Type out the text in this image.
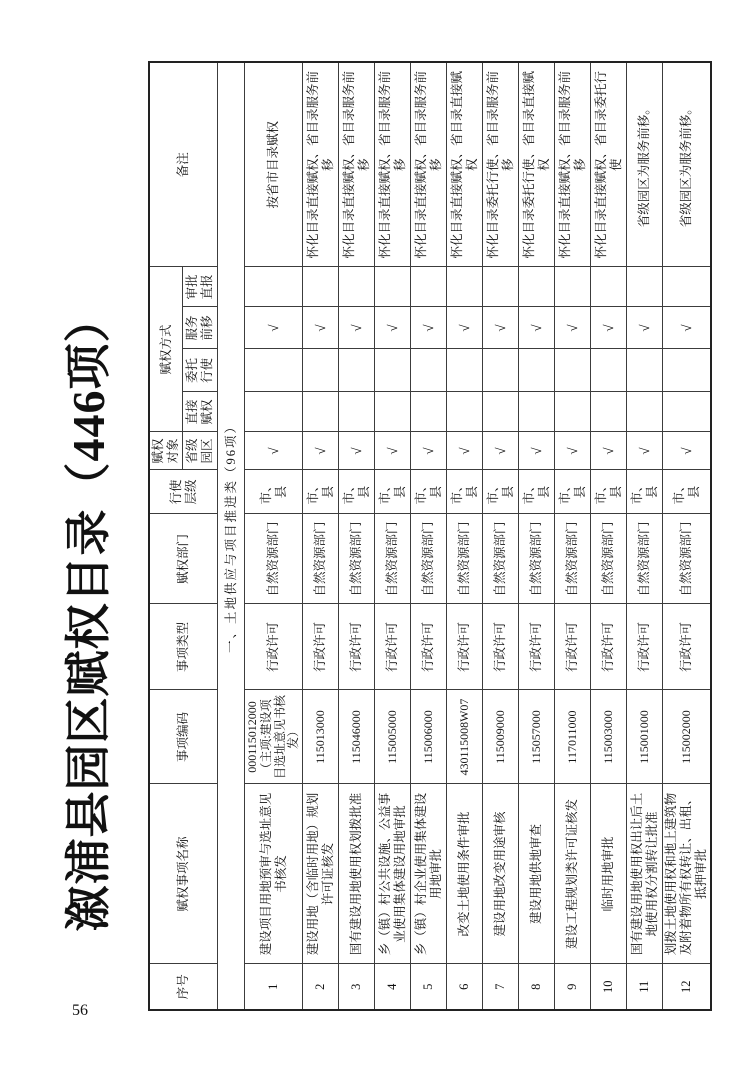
溆浦县园区赋权目录（446项）
序号	赋权事项名称	事项编码	事项类型	赋权部门	行使层级	赋权对象	赋权方式				备注
						省级园区	直接赋权	委托行使	服务前移	审批直报	
一、土地供应与项目推进类（96项）											
1	建设项目用地预审与选址意见书核发	000115012000（主项:建设项目选址意见书核发）	行政许可	自然资源部门	市、县	√			√		按省市目录赋权
2	建设用地（含临时用地）规划许可证核发	115013000	行政许可	自然资源部门	市、县	√			√		怀化目录直接赋权、省目录服务前移
3	国有建设用地使用权划拨批准	115046000	行政许可	自然资源部门	市、县	√			√		怀化目录直接赋权、省目录服务前移
4	乡（镇）村公共设施、公益事业使用集体建设用地审批	115005000	行政许可	自然资源部门	市、县	√			√		怀化目录直接赋权、省目录服务前移
5	乡（镇）村企业使用集体建设用地审批	115006000	行政许可	自然资源部门	市、县	√			√		怀化目录直接赋权、省目录服务前移
6	改变土地使用条件审批	430115008W07	行政许可	自然资源部门	市、县	√			√		怀化目录直接赋权、省目录直接赋权
7	建设用地改变用途审核	115009000	行政许可	自然资源部门	市、县	√			√		怀化目录委托行使、省目录服务前移
8	建设用地供地审查	115057000	行政许可	自然资源部门	市、县	√			√		怀化目录委托行使、省目录直接赋权
9	建设工程规划类许可证核发	117011000	行政许可	自然资源部门	市、县	√			√		怀化目录直接赋权、省目录服务前移
10	临时用地审批	115003000	行政许可	自然资源部门	市、县	√			√		怀化目录直接赋权、省目录委托行使
11	国有建设用地使用权出让后土地使用权分割转让批准	115001000	行政许可	自然资源部门	市、县	√			√		省级园区为服务前移。
12	划拨土地使用权和地上建筑物及附着物所有权转让、出租、抵押审批	115002000	行政许可	自然资源部门	市、县	√			√		省级园区为服务前移。
56
